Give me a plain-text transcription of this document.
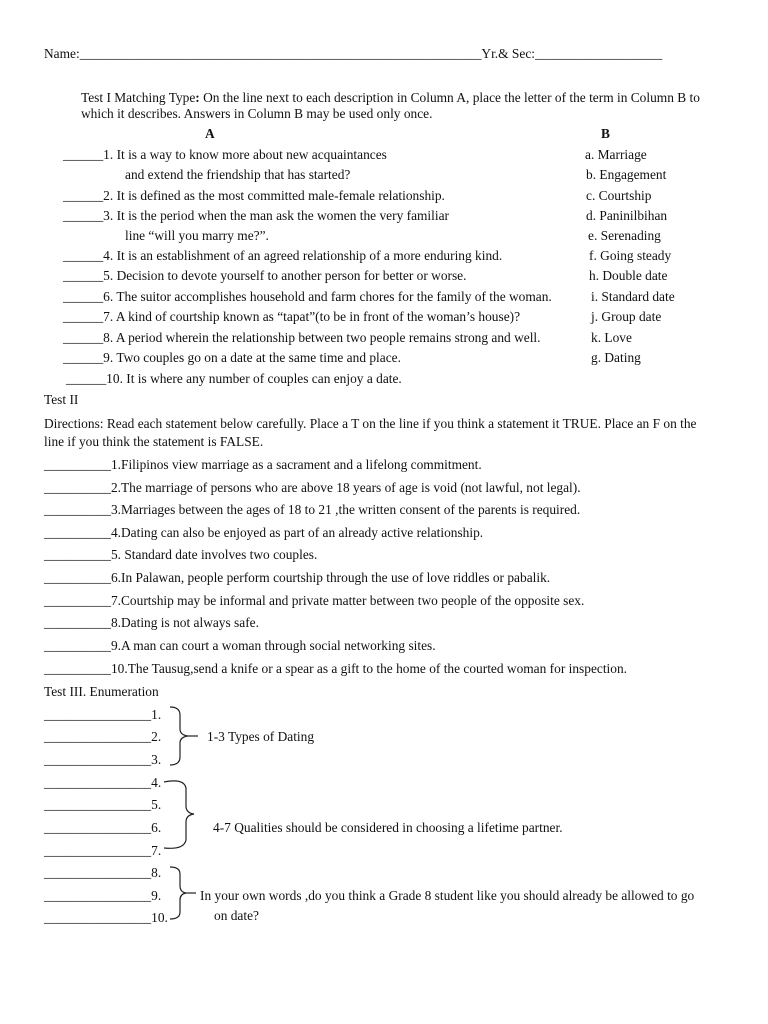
Name:____________________________________________________________Yr.& Sec:___________________
Test I Matching Type: On the line next to each description in Column A, place the letter of the term in Column B to
which it describes. Answers in Column B may be used only once.
A	B
______1. It is a way to know more about new acquaintances
and extend the friendship that has started?
______2. It is defined as the most committed male-female relationship.
______3. It is the period when the man ask the women the very familiar
line “will you marry me?”.
______4. It is an establishment of an agreed relationship of a more enduring kind.
______5. Decision to devote yourself to another person for better or worse.
______6. The suitor accomplishes household and farm chores for the family of the woman.
______7. A kind of courtship known as “tapat”(to be in front of the woman’s house)?
______8. A period wherein the relationship between two people remains strong and well.
______9. Two couples go on a date at the same time and place.
______10. It is where any number of couples can enjoy a date.
a. Marriage
b. Engagement
c. Courtship
d. Paninilbihan
e. Serenading
f. Going steady
h. Double date
i. Standard date
j. Group date
k. Love
g. Dating
Test II
Directions: Read each statement below carefully. Place a T on the line if you think a statement it TRUE. Place an F on the
line if you think the statement is FALSE.
__________1.Filipinos view marriage as a sacrament and a lifelong commitment.
__________2.The marriage of persons who are above 18 years of age is void (not lawful, not legal).
__________3.Marriages between the ages of 18 to 21 ,the written consent of the parents is required.
__________4.Dating can also be enjoyed as part of an already active relationship.
__________5. Standard date involves two couples.
__________6.In Palawan, people perform courtship through the use of love riddles or pabalik.
__________7.Courtship may be informal and private matter between two people of the opposite sex.
__________8.Dating is not always safe.
__________9.A man can court a woman through social networking sites.
__________10.The Tausug,send a knife or a spear as a gift to the home of the courted woman for inspection.
Test III. Enumeration
________________1.
________________2.
________________3.
________________4.
________________5.
________________6.
________________7.
________________8.
________________9.
________________10.
1-3 Types of Dating
4-7 Qualities should be considered in choosing a lifetime partner.
In your own words ,do you think a Grade 8 student like you should already be allowed to go
on date?
